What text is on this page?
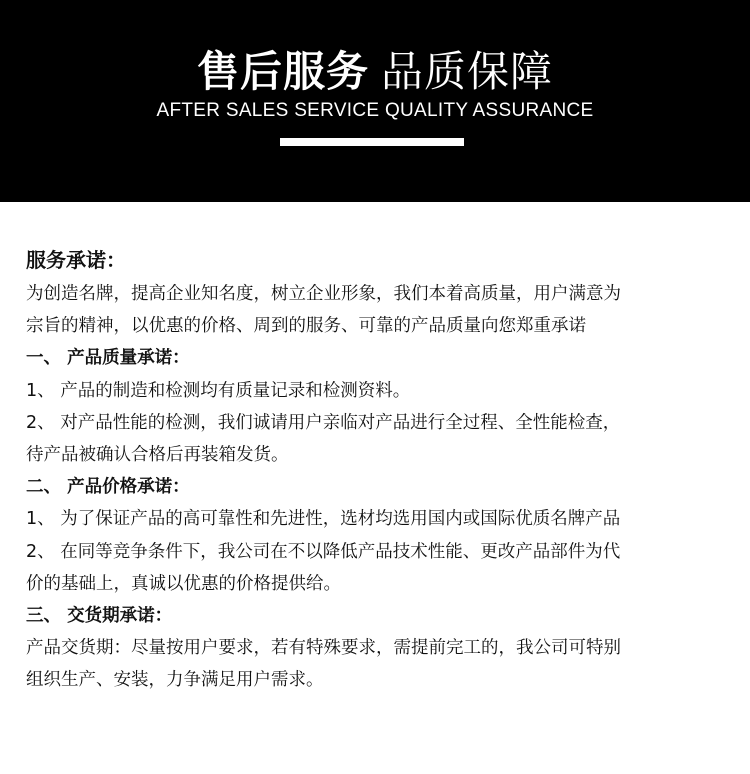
售后服务 品质保障
AFTER SALES SERVICE QUALITY ASSURANCE

服务承诺：

为创造名牌，提高企业知名度，树立企业形象，我们本着高质量，用户满意为

宗旨的精神，以优惠的价格、周到的服务、可靠的产品质量向您郑重承诺

一、 产品质量承诺：

1、 产品的制造和检测均有质量记录和检测资料。

2、 对产品性能的检测，我们诚请用户亲临对产品进行全过程、全性能检查，

待产品被确认合格后再装箱发货。

二、 产品价格承诺：

1、 为了保证产品的高可靠性和先进性，选材均选用国内或国际优质名牌产品

2、 在同等竞争条件下，我公司在不以降低产品技术性能、更改产品部件为代

价的基础上，真诚以优惠的价格提供给。

三、 交货期承诺：

产品交货期：尽量按用户要求，若有特殊要求，需提前完工的，我公司可特别

组织生产、安装，力争满足用户需求。
